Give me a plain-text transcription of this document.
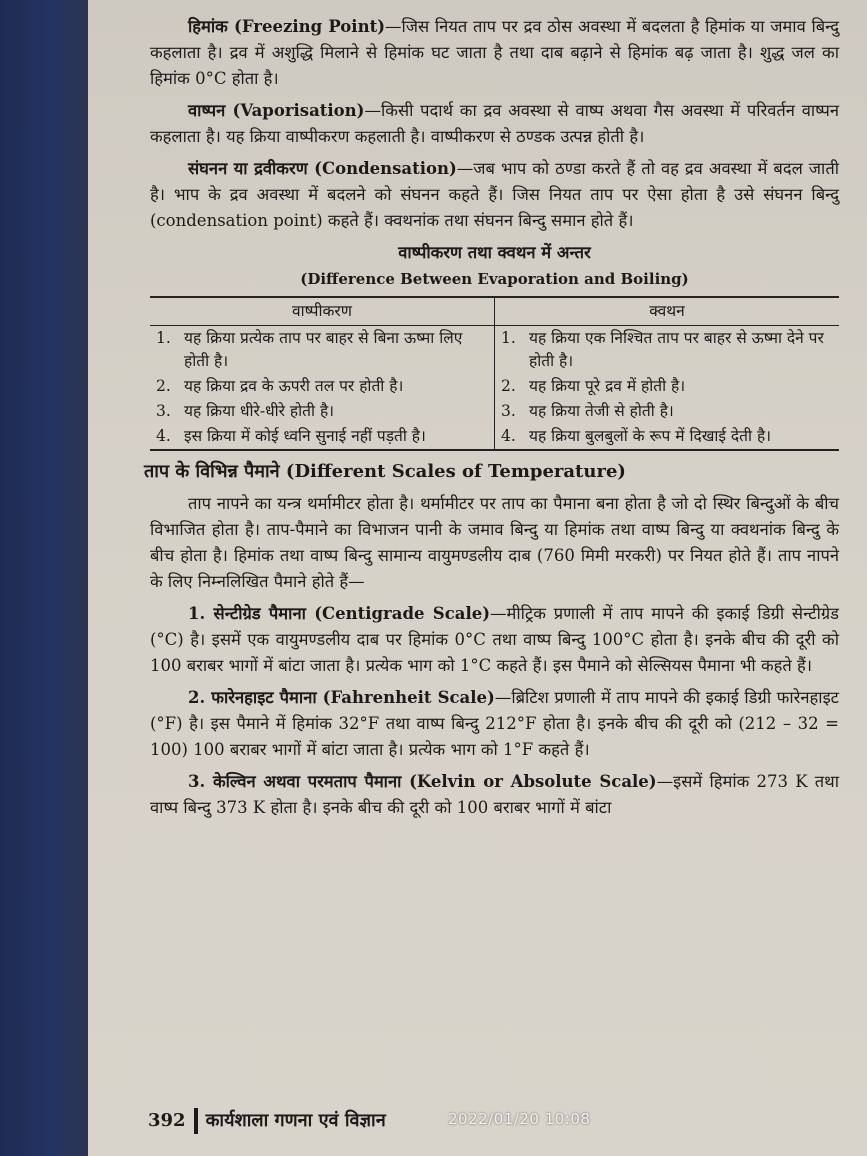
हिमांक (Freezing Point)—जिस नियत ताप पर द्रव ठोस अवस्था में बदलता है हिमांक या जमाव बिन्दु कहलाता है। द्रव में अशुद्धि मिलाने से हिमांक घट जाता है तथा दाब बढ़ाने से हिमांक बढ़ जाता है। शुद्ध जल का हिमांक 0°C होता है।

वाष्पन (Vaporisation)—किसी पदार्थ का द्रव अवस्था से वाष्प अथवा गैस अवस्था में परिवर्तन वाष्पन कहलाता है। यह क्रिया वाष्पीकरण कहलाती है। वाष्पीकरण से ठण्डक उत्पन्न होती है।

संघनन या द्रवीकरण (Condensation)—जब भाप को ठण्डा करते हैं तो वह द्रव अवस्था में बदल जाती है। भाप के द्रव अवस्था में बदलने को संघनन कहते हैं। जिस नियत ताप पर ऐसा होता है उसे संघनन बिन्दु (condensation point) कहते हैं। क्वथनांक तथा संघनन बिन्दु समान होते हैं।

वाष्पीकरण तथा क्वथन में अन्तर
(Difference Between Evaporation and Boiling)
वाष्पीकरण	क्वथन

1. यह क्रिया प्रत्येक ताप पर बाहर से बिना ऊष्मा लिए होती है।	1. यह क्रिया एक निश्चित ताप पर बाहर से ऊष्मा देने पर होती है।

2. यह क्रिया द्रव के ऊपरी तल पर होती है।	2. यह क्रिया पूरे द्रव में होती है।

3. यह क्रिया धीरे-धीरे होती है।	3. यह क्रिया तेजी से होती है।

4. इस क्रिया में कोई ध्वनि सुनाई नहीं पड़ती है।	4. यह क्रिया बुलबुलों के रूप में दिखाई देती है।
ताप के विभिन्न पैमाने (Different Scales of Temperature)

ताप नापने का यन्त्र थर्मामीटर होता है। थर्मामीटर पर ताप का पैमाना बना होता है जो दो स्थिर बिन्दुओं के बीच विभाजित होता है। ताप-पैमाने का विभाजन पानी के जमाव बिन्दु या हिमांक तथा वाष्प बिन्दु या क्वथनांक बिन्दु के बीच होता है। हिमांक तथा वाष्प बिन्दु सामान्य वायुमण्डलीय दाब (760 मिमी मरकरी) पर नियत होते हैं। ताप नापने के लिए निम्नलिखित पैमाने होते हैं—

1. सेन्टीग्रेड पैमाना (Centigrade Scale)—मीट्रिक प्रणाली में ताप मापने की इकाई डिग्री सेन्टीग्रेड (°C) है। इसमें एक वायुमण्डलीय दाब पर हिमांक 0°C तथा वाष्प बिन्दु 100°C होता है। इनके बीच की दूरी को 100 बराबर भागों में बांटा जाता है। प्रत्येक भाग को 1°C कहते हैं। इस पैमाने को सेल्सियस पैमाना भी कहते हैं।

2. फारेनहाइट पैमाना (Fahrenheit Scale)—ब्रिटिश प्रणाली में ताप मापने की इकाई डिग्री फारेनहाइट (°F) है। इस पैमाने में हिमांक 32°F तथा वाष्प बिन्दु 212°F होता है। इनके बीच की दूरी को (212 – 32 = 100) 100 बराबर भागों में बांटा जाता है। प्रत्येक भाग को 1°F कहते हैं।

3. केल्विन अथवा परमताप पैमाना (Kelvin or Absolute Scale)—इसमें हिमांक 273 K तथा वाष्प बिन्दु 373 K होता है। इनके बीच की दूरी को 100 बराबर भागों में बांटा

392 कार्यशाला गणना एवं विज्ञान	2022/01/20 10:08
